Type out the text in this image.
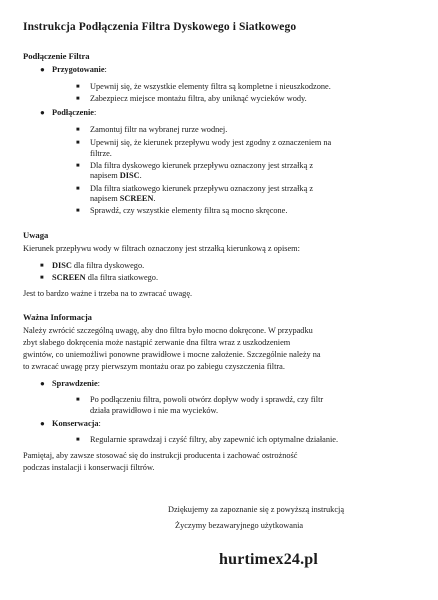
Instrukcja Podłączenia Filtra Dyskowego i Siatkowego
Podłączenie Filtra
● Przygotowanie:
■ Upewnij się, że wszystkie elementy filtra są kompletne i nieuszkodzone.
■ Zabezpiecz miejsce montażu filtra, aby uniknąć wycieków wody.
● Podłączenie:
■ Zamontuj filtr na wybranej rurze wodnej.
■ Upewnij się, że kierunek przepływu wody jest zgodny z oznaczeniem na
filtrze.
■ Dla filtra dyskowego kierunek przepływu oznaczony jest strzałką z
napisem DISC.
■ Dla filtra siatkowego kierunek przepływu oznaczony jest strzałką z
napisem SCREEN.
■ Sprawdź, czy wszystkie elementy filtra są mocno skręcone.
Uwaga
Kierunek przepływu wody w filtrach oznaczony jest strzałką kierunkową z opisem:
■ DISC dla filtra dyskowego.
■ SCREEN dla filtra siatkowego.
Jest to bardzo ważne i trzeba na to zwracać uwagę.
Ważna Informacja
Należy zwrócić szczególną uwagę, aby dno filtra było mocno dokręcone. W przypadku
zbyt słabego dokręcenia może nastąpić zerwanie dna filtra wraz z uszkodzeniem
gwintów, co uniemożliwi ponowne prawidłowe i mocne założenie. Szczególnie należy na
to zwracać uwagę przy pierwszym montażu oraz po zabiegu czyszczenia filtra.
● Sprawdzenie:
■ Po podłączeniu filtra, powoli otwórz dopływ wody i sprawdź, czy filtr
działa prawidłowo i nie ma wycieków.
● Konserwacja:
■ Regularnie sprawdzaj i czyść filtry, aby zapewnić ich optymalne działanie.
Pamiętaj, aby zawsze stosować się do instrukcji producenta i zachować ostrożność
podczas instalacji i konserwacji filtrów.
Dziękujemy za zapoznanie się z powyższą instrukcją
Życzymy bezawaryjnego użytkowania
hurtimex24.pl
